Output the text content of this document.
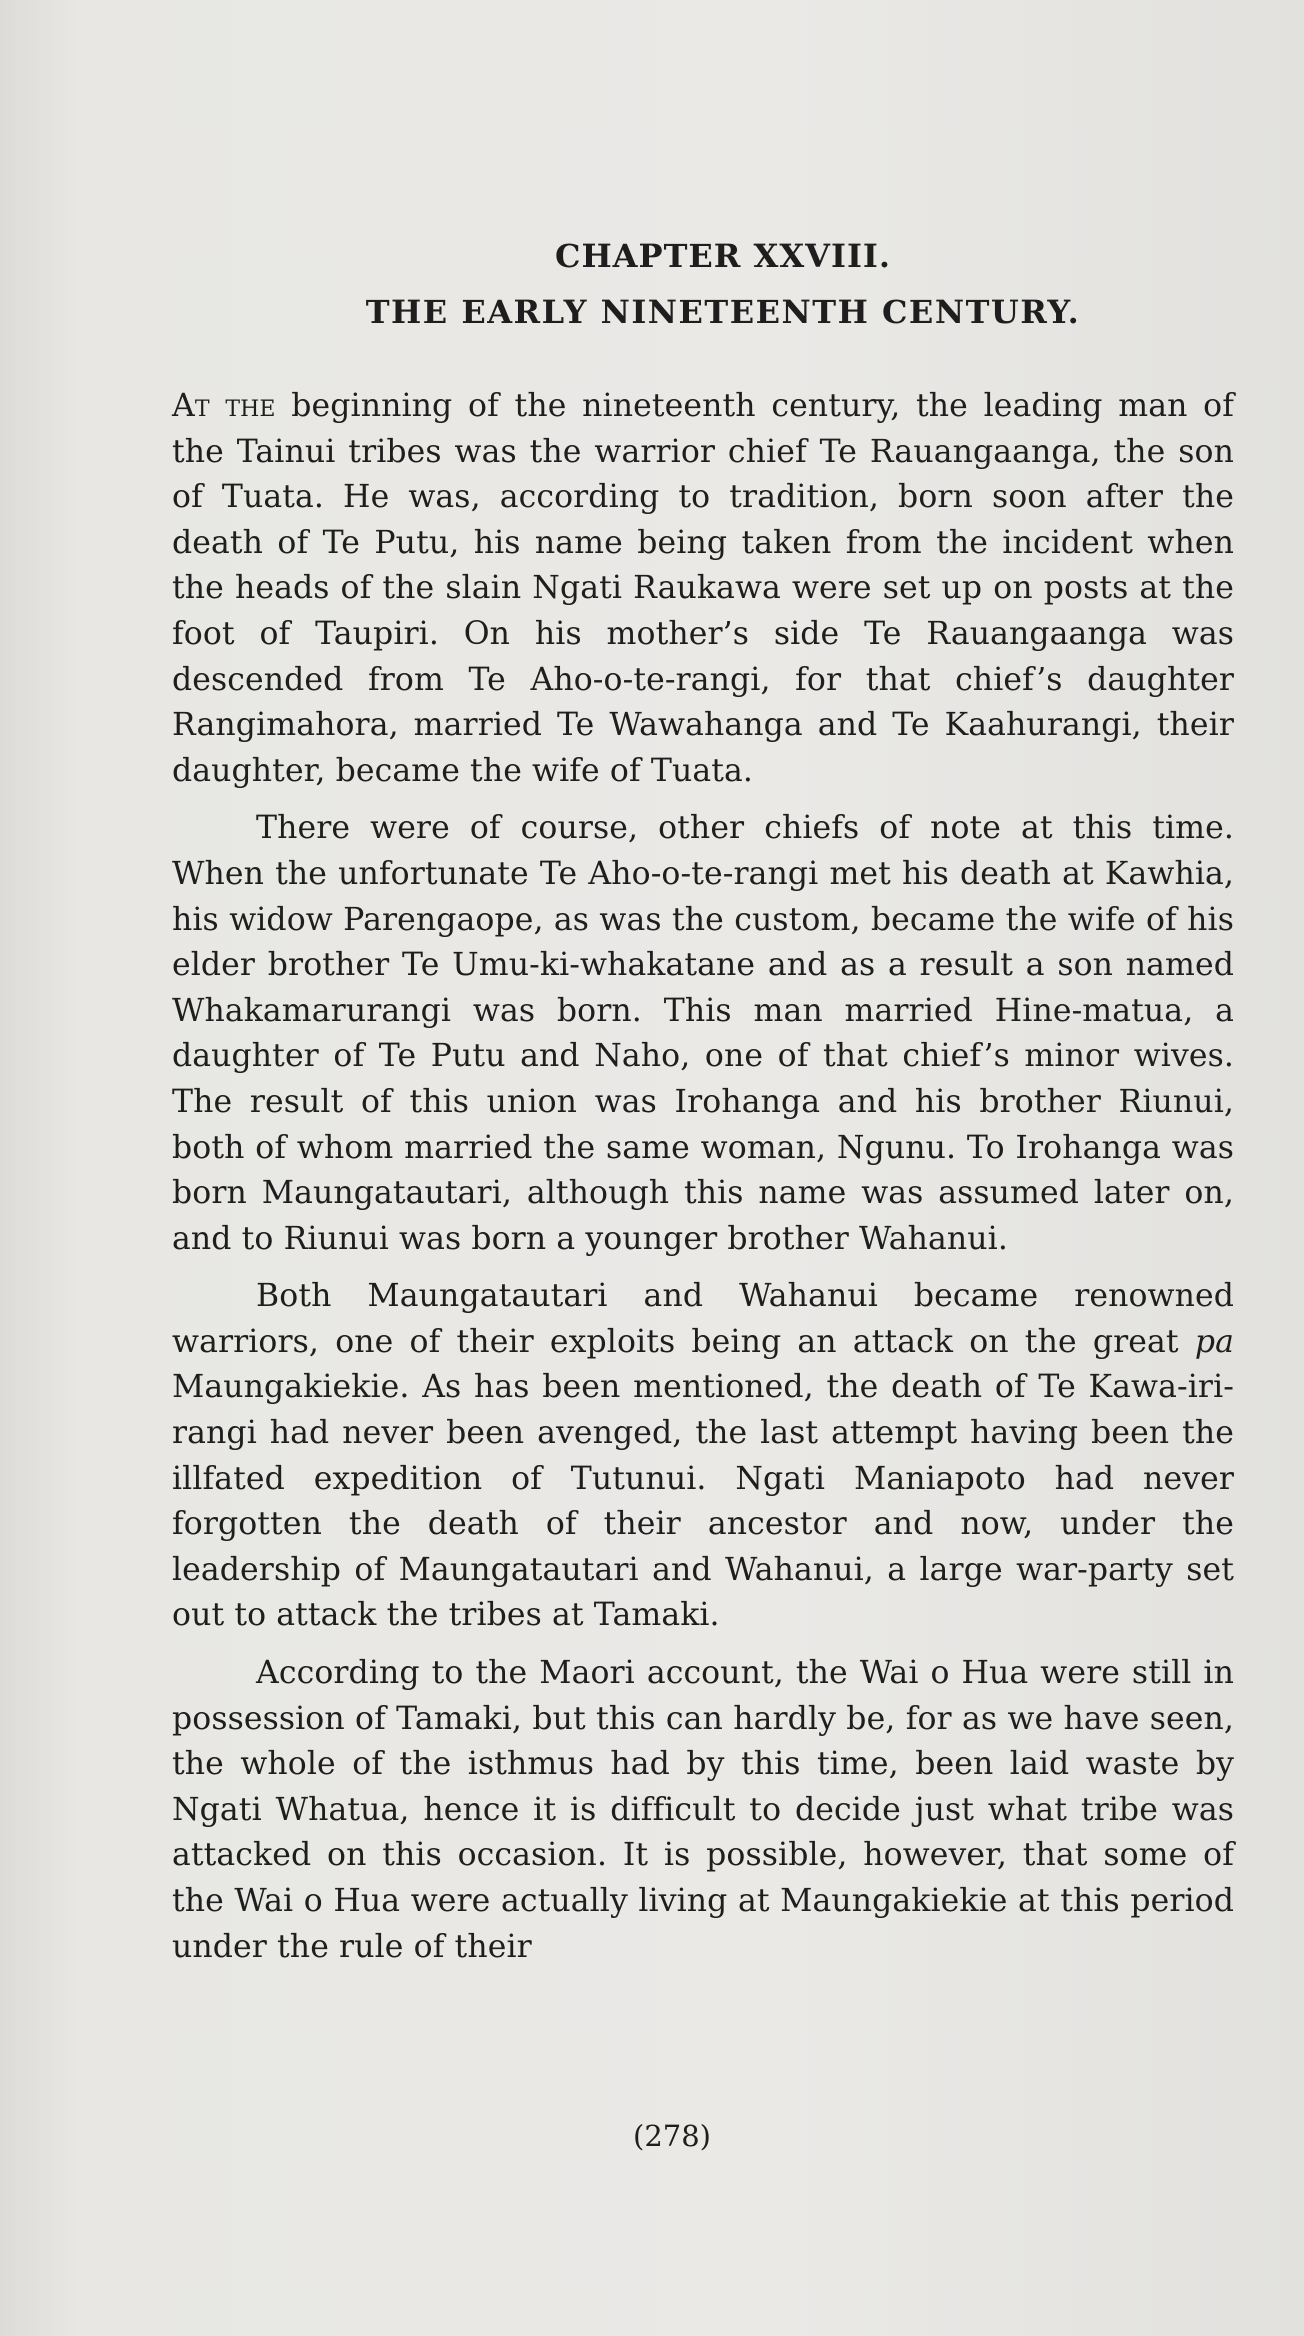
CHAPTER XXVIII.
THE EARLY NINETEENTH CENTURY.

At the beginning of the nineteenth century, the leading man of the Tainui tribes was the warrior chief Te Rauangaanga, the son of Tuata. He was, according to tradition, born soon after the death of Te Putu, his name being taken from the incident when the heads of the slain Ngati Raukawa were set up on posts at the foot of Taupiri. On his mother’s side Te Rauangaanga was descended from Te Aho-o-te-rangi, for that chief’s daughter Rangimahora, married Te Wawahanga and Te Kaahurangi, their daughter, became the wife of Tuata.

There were of course, other chiefs of note at this time. When the unfortunate Te Aho-o-te-rangi met his death at Kawhia, his widow Parengaope, as was the custom, became the wife of his elder brother Te Umu-ki-whakatane and as a result a son named Whakamarurangi was born. This man married Hine-matua, a daughter of Te Putu and Naho, one of that chief’s minor wives. The result of this union was Irohanga and his brother Riunui, both of whom married the same woman, Ngunu. To Irohanga was born Maungatautari, although this name was assumed later on, and to Riunui was born a younger brother Wahanui.

Both Maungatautari and Wahanui became renowned warriors, one of their exploits being an attack on the great pa Maungakiekie. As has been mentioned, the death of Te Kawa-iri-rangi had never been avenged, the last attempt having been the illfated expedition of Tutunui. Ngati Maniapoto had never forgotten the death of their ancestor and now, under the leadership of Maungatautari and Wahanui, a large war-party set out to attack the tribes at Tamaki.

According to the Maori account, the Wai o Hua were still in possession of Tamaki, but this can hardly be, for as we have seen, the whole of the isthmus had by this time, been laid waste by Ngati Whatua, hence it is difficult to decide just what tribe was attacked on this occasion. It is possible, however, that some of the Wai o Hua were actually living at Maungakiekie at this period under the rule of their

(278)
